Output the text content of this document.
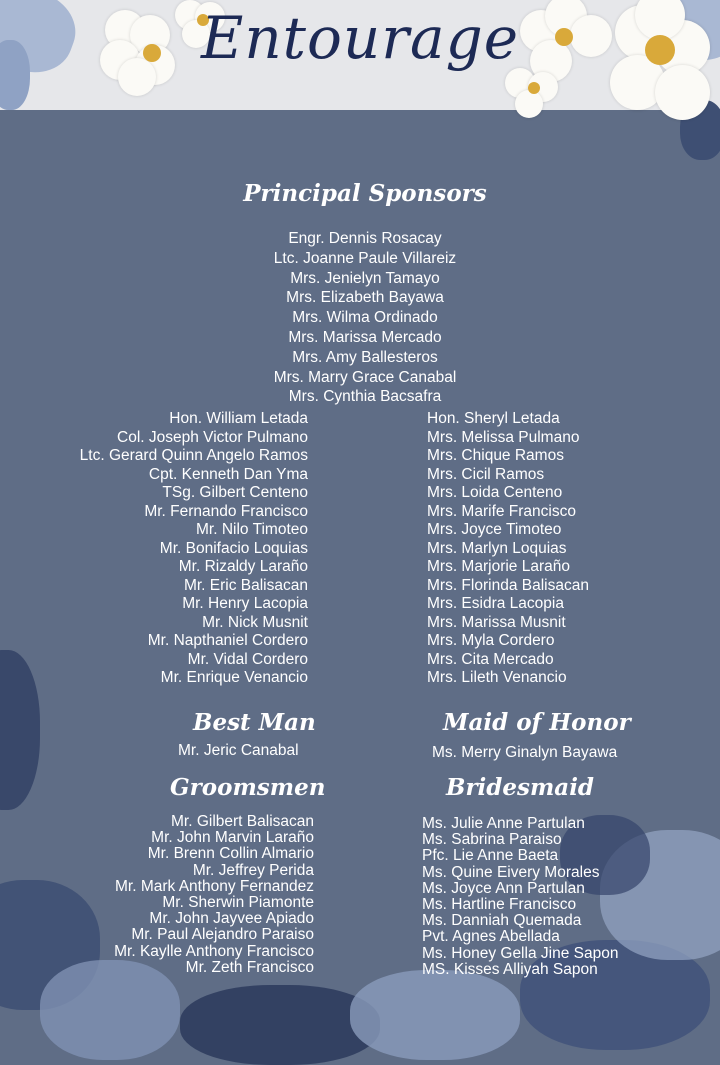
Entourage
Principal Sponsors
Engr. Dennis Rosacay
Ltc. Joanne Paule Villareiz
Mrs. Jenielyn Tamayo
Mrs. Elizabeth Bayawa
Mrs. Wilma Ordinado
Mrs. Marissa Mercado
Mrs. Amy Ballesteros
Mrs. Marry Grace Canabal
Mrs. Cynthia Bacsafra
Hon. William Letada
Col. Joseph Victor Pulmano
Ltc. Gerard Quinn Angelo Ramos
Cpt. Kenneth Dan Yma
TSg. Gilbert Centeno
Mr. Fernando Francisco
Mr. Nilo Timoteo
Mr. Bonifacio Loquias
Mr. Rizaldy Laraño
Mr. Eric Balisacan
Mr. Henry Lacopia
Mr. Nick Musnit
Mr. Napthaniel Cordero
Mr. Vidal Cordero
Mr. Enrique Venancio
Hon. Sheryl Letada
Mrs. Melissa Pulmano
Mrs. Chique Ramos
Mrs. Cicil Ramos
Mrs. Loida Centeno
Mrs. Marife Francisco
Mrs. Joyce Timoteo
Mrs. Marlyn Loquias
Mrs. Marjorie Laraño
Mrs. Florinda Balisacan
Mrs. Esidra Lacopia
Mrs. Marissa Musnit
Mrs. Myla Cordero
Mrs. Cita Mercado
Mrs. Lileth Venancio
Best Man
Mr. Jeric Canabal
Maid of Honor
Ms. Merry Ginalyn Bayawa
Groomsmen	Bridesmaid
Mr. Gilbert Balisacan
Mr. John Marvin Laraño
Mr. Brenn Collin Almario
Mr. Jeffrey Perida
Mr. Mark Anthony Fernandez
Mr. Sherwin Piamonte
Mr. John Jayvee Apiado
Mr. Paul Alejandro Paraiso
Mr. Kaylle Anthony Francisco
Mr. Zeth Francisco
Ms. Julie Anne Partulan
Ms. Sabrina Paraiso
Pfc. Lie Anne Baeta
Ms. Quine Eivery Morales
Ms. Joyce Ann Partulan
Ms. Hartline Francisco
Ms. Danniah Quemada
Pvt. Agnes Abellada
Ms. Honey Gella Jine Sapon
MS. Kisses Alliyah Sapon
